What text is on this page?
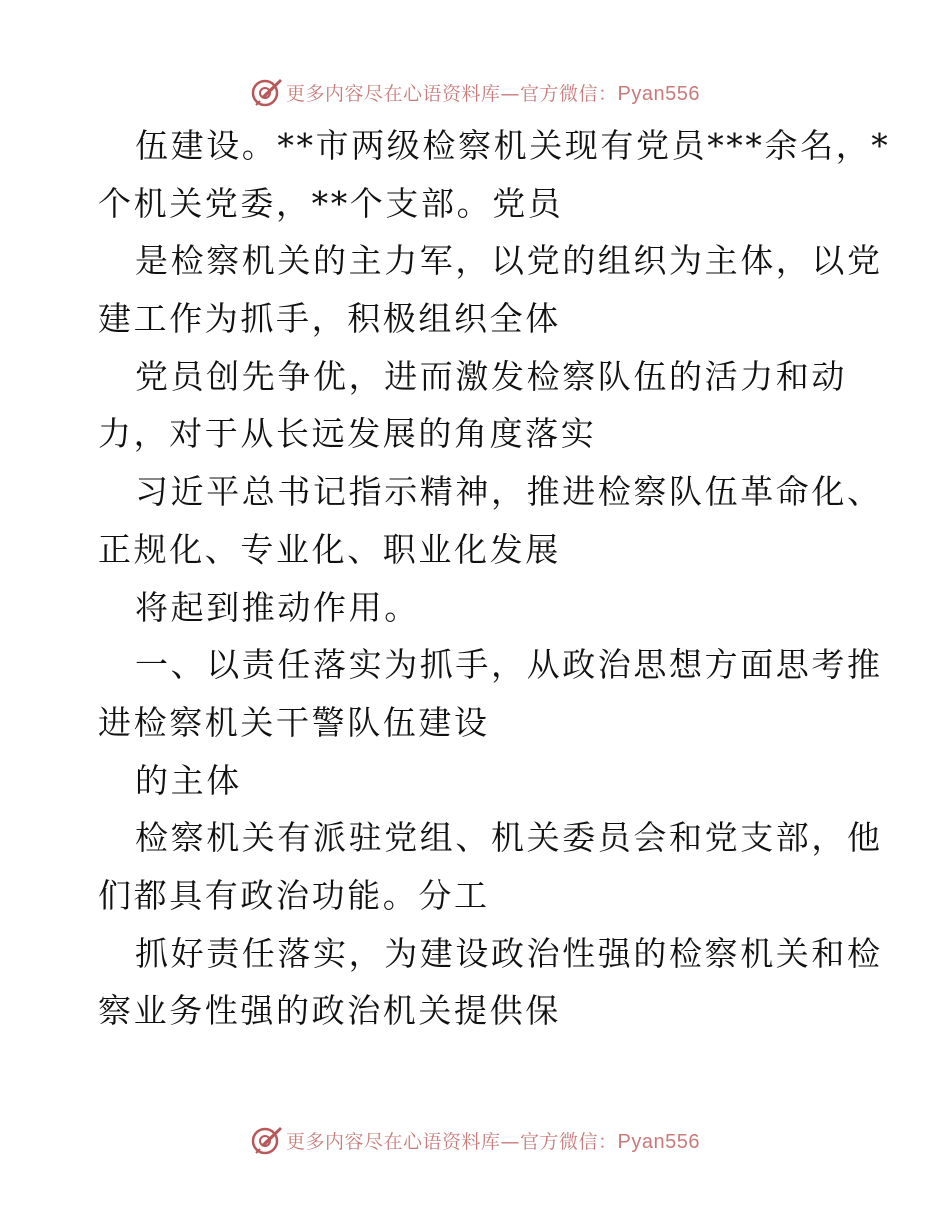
更多内容尽在心语资料库—官方微信：Pyan556
伍建设。**市两级检察机关现有党员***余名，*
个机关党委，**个支部。党员
是检察机关的主力军，以党的组织为主体，以党
建工作为抓手，积极组织全体
党员创先争优，进而激发检察队伍的活力和动
力，对于从长远发展的角度落实
习近平总书记指示精神，推进检察队伍革命化、
正规化、专业化、职业化发展
将起到推动作用。
一、以责任落实为抓手，从政治思想方面思考推
进检察机关干警队伍建设
的主体
检察机关有派驻党组、机关委员会和党支部，他
们都具有政治功能。分工
抓好责任落实，为建设政治性强的检察机关和检
察业务性强的政治机关提供保
更多内容尽在心语资料库—官方微信：Pyan556
